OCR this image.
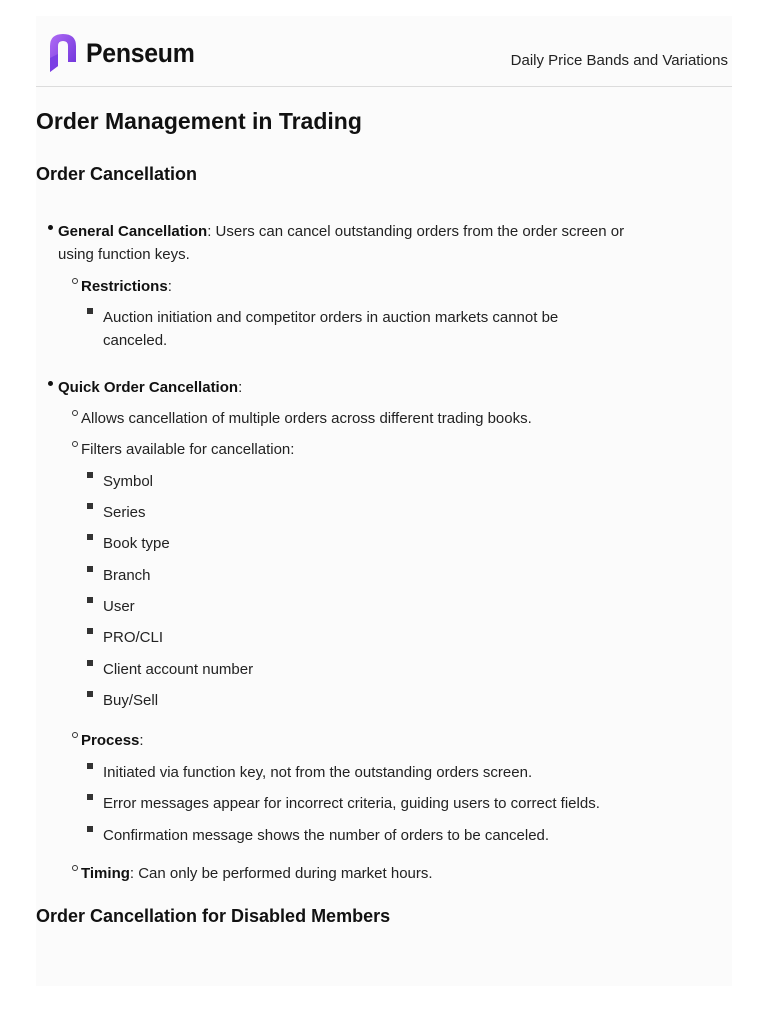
Penseum	Daily Price Bands and Variations
Order Management in Trading
Order Cancellation
General Cancellation: Users can cancel outstanding orders from the order screen or
using function keys.
Restrictions:
Auction initiation and competitor orders in auction markets cannot be
canceled.
Quick Order Cancellation:
Allows cancellation of multiple orders across different trading books.
Filters available for cancellation:
Symbol
Series
Book type
Branch
User
PRO/CLI
Client account number
Buy/Sell
Process:
Initiated via function key, not from the outstanding orders screen.
Error messages appear for incorrect criteria, guiding users to correct fields.
Confirmation message shows the number of orders to be canceled.
Timing: Can only be performed during market hours.
Order Cancellation for Disabled Members
